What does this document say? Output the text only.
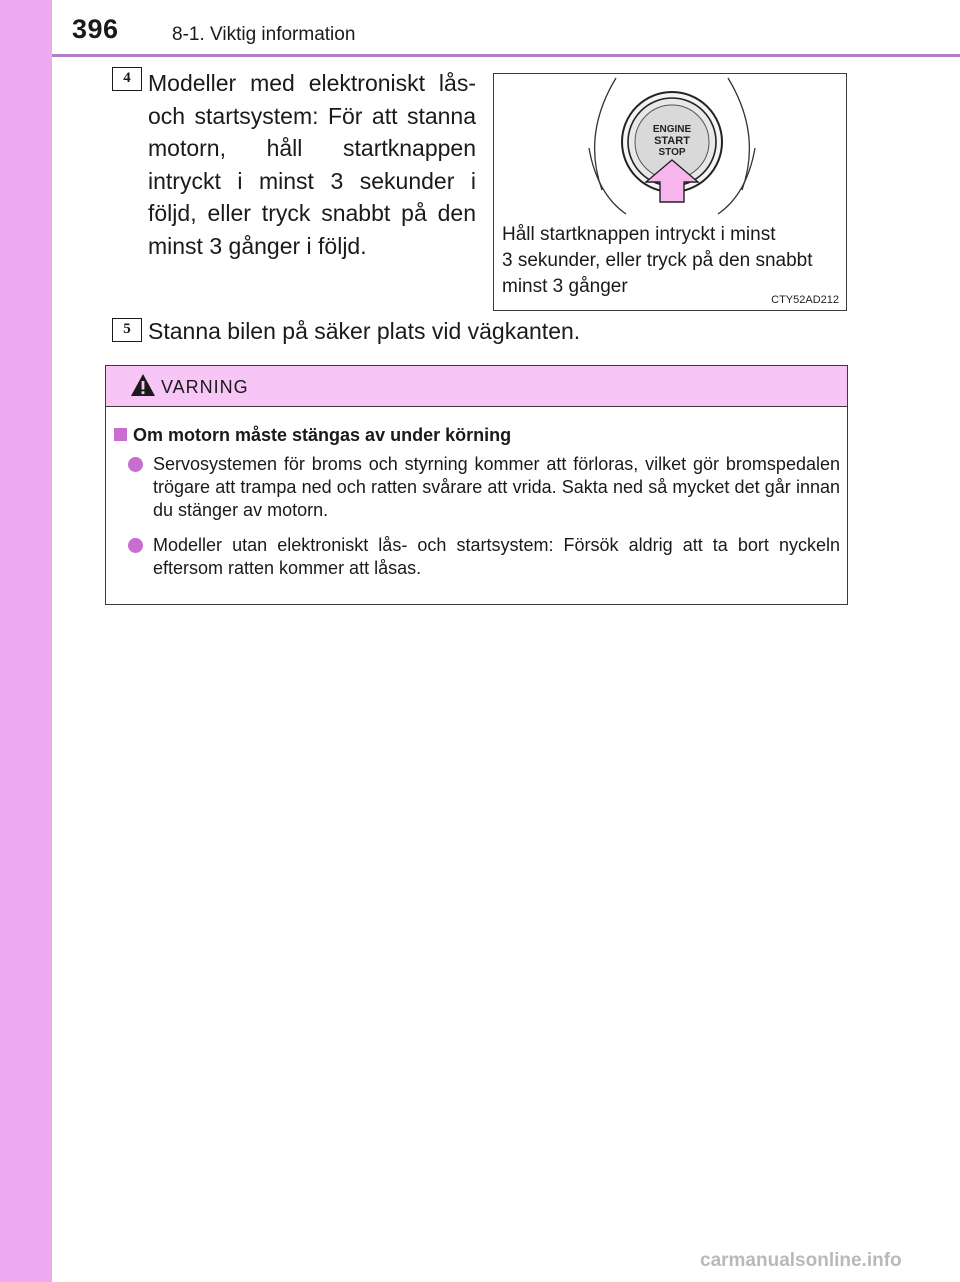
396	8-1. Viktig information
4 Modeller med elektroniskt lås- och startsystem: För att stanna motorn, håll startknappen intryckt i minst 3 sekunder i följd, eller tryck snabbt på den minst 3 gånger i följd.
ENGINE
START
STOP
Håll startknappen intryckt i minst
3 sekunder, eller tryck på den snabbt
minst 3 gånger
CTY52AD212
5 Stanna bilen på säker plats vid vägkanten.
VARNING
Om motorn måste stängas av under körning
Servosystemen för broms och styrning kommer att förloras, vilket gör bromspedalen trögare att trampa ned och ratten svårare att vrida. Sakta ned så mycket det går innan du stänger av motorn.
Modeller utan elektroniskt lås- och startsystem: Försök aldrig att ta bort nyckeln eftersom ratten kommer att låsas.
carmanualsonline.info
